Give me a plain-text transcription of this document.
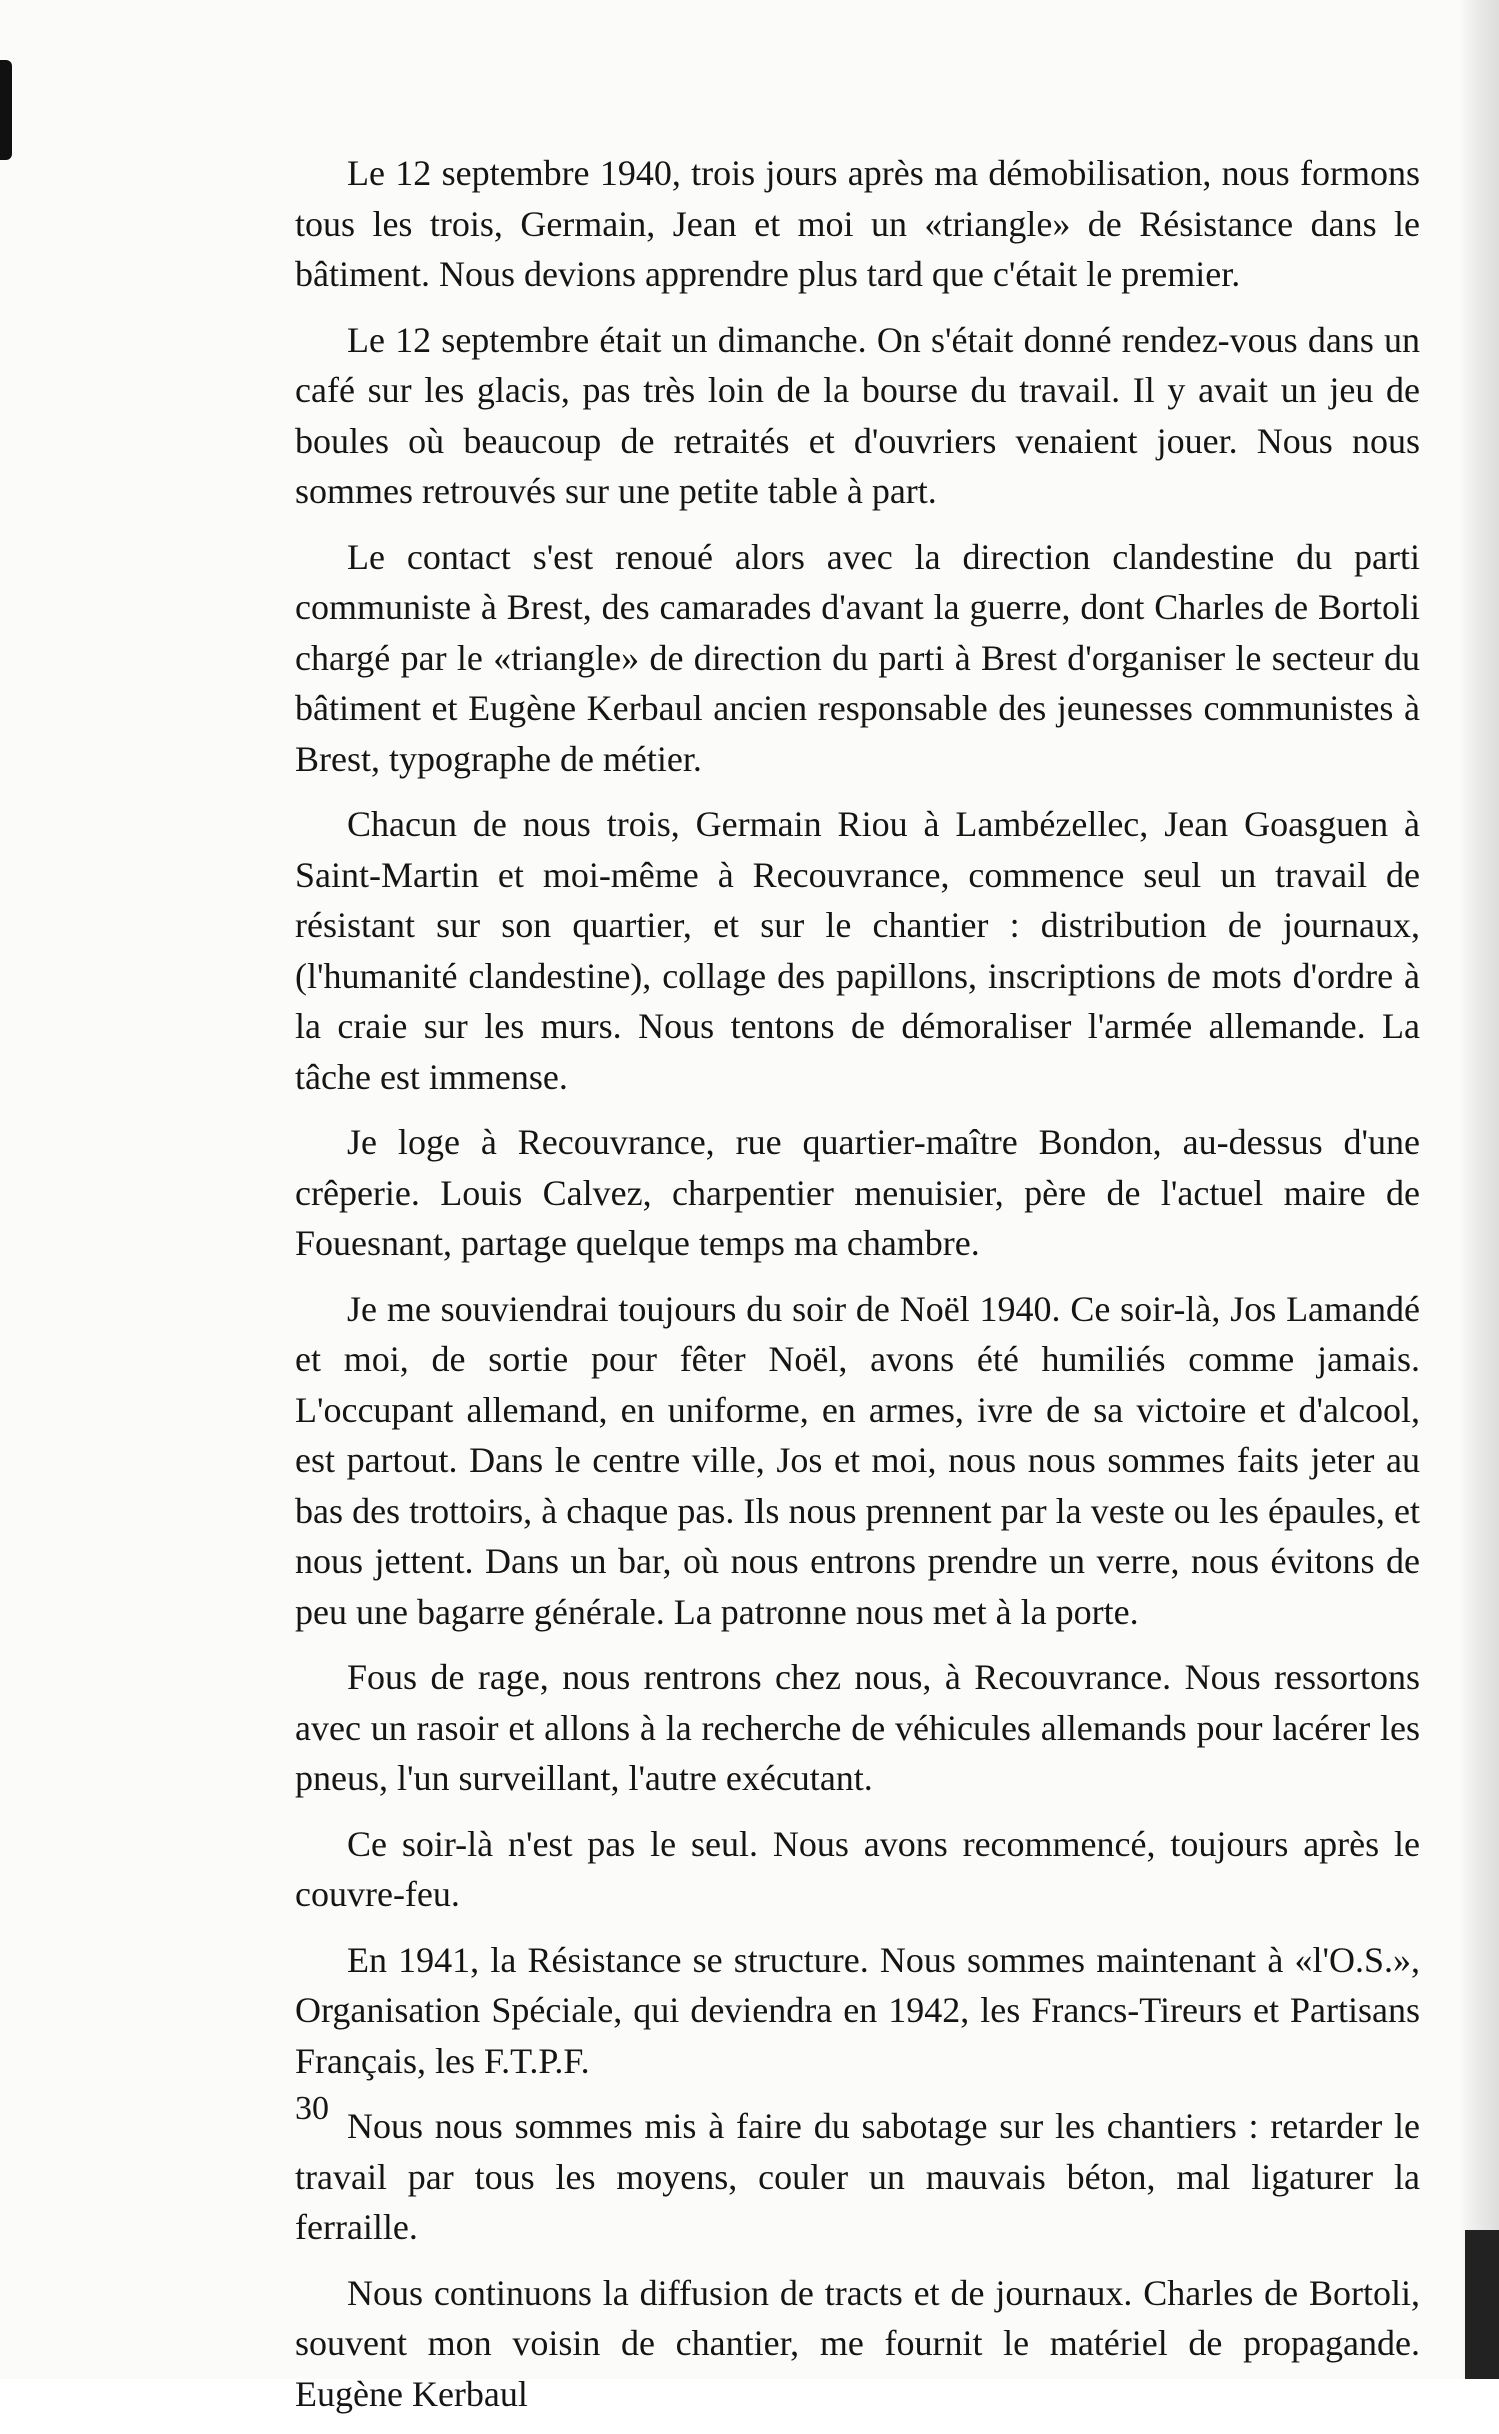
Le 12 septembre 1940, trois jours après ma démobilisation, nous formons tous les trois, Germain, Jean et moi un «triangle» de Résistance dans le bâtiment. Nous devions apprendre plus tard que c'était le premier.

Le 12 septembre était un dimanche. On s'était donné rendez-vous dans un café sur les glacis, pas très loin de la bourse du travail. Il y avait un jeu de boules où beaucoup de retraités et d'ouvriers venaient jouer. Nous nous sommes retrouvés sur une petite table à part.

Le contact s'est renoué alors avec la direction clandestine du parti communiste à Brest, des camarades d'avant la guerre, dont Charles de Bortoli chargé par le «triangle» de direction du parti à Brest d'organiser le secteur du bâtiment et Eugène Kerbaul ancien responsable des jeunesses communistes à Brest, typographe de métier.

Chacun de nous trois, Germain Riou à Lambézellec, Jean Goasguen à Saint-Martin et moi-même à Recouvrance, commence seul un travail de résistant sur son quartier, et sur le chantier : distribution de journaux, (l'humanité clandestine), collage des papillons, inscriptions de mots d'ordre à la craie sur les murs. Nous tentons de démoraliser l'armée allemande. La tâche est immense.

Je loge à Recouvrance, rue quartier-maître Bondon, au-dessus d'une crêperie. Louis Calvez, charpentier menuisier, père de l'actuel maire de Fouesnant, partage quelque temps ma chambre.

Je me souviendrai toujours du soir de Noël 1940. Ce soir-là, Jos Lamandé et moi, de sortie pour fêter Noël, avons été humiliés comme jamais. L'occupant allemand, en uniforme, en armes, ivre de sa victoire et d'alcool, est partout. Dans le centre ville, Jos et moi, nous nous sommes faits jeter au bas des trottoirs, à chaque pas. Ils nous prennent par la veste ou les épaules, et nous jettent. Dans un bar, où nous entrons prendre un verre, nous évitons de peu une bagarre générale. La patronne nous met à la porte.

Fous de rage, nous rentrons chez nous, à Recouvrance. Nous ressortons avec un rasoir et allons à la recherche de véhicules allemands pour lacérer les pneus, l'un surveillant, l'autre exécutant.

Ce soir-là n'est pas le seul. Nous avons recommencé, toujours après le couvre-feu.

En 1941, la Résistance se structure. Nous sommes maintenant à «l'O.S.», Organisation Spéciale, qui deviendra en 1942, les Francs-Tireurs et Partisans Français, les F.T.P.F.

Nous nous sommes mis à faire du sabotage sur les chantiers : retarder le travail par tous les moyens, couler un mauvais béton, mal ligaturer la ferraille.

Nous continuons la diffusion de tracts et de journaux. Charles de Bortoli, souvent mon voisin de chantier, me fournit le matériel de propagande. Eugène Kerbaul

30
